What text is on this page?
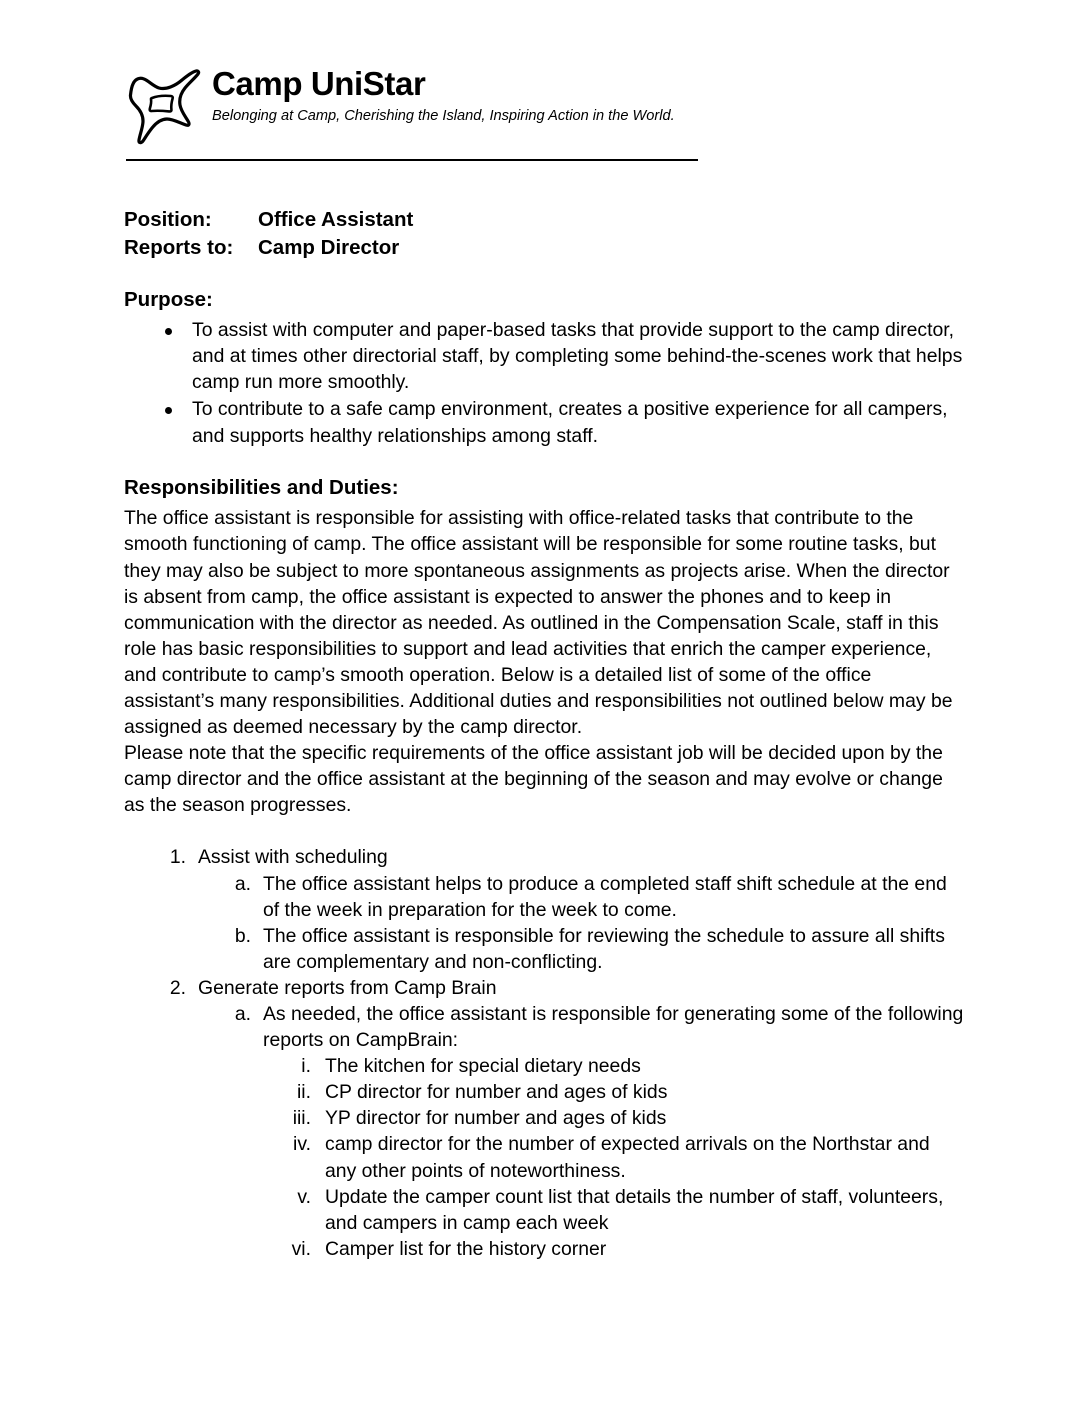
Camp UniStar
Belonging at Camp, Cherishing the Island, Inspiring Action in the World.
Position:	Office Assistant
Reports to:	Camp Director
Purpose:
To assist with computer and paper-based tasks that provide support to the camp director, and at times other directorial staff, by completing some behind-the-scenes work that helps camp run more smoothly.
To contribute to a safe camp environment, creates a positive experience for all campers, and supports healthy relationships among staff.
Responsibilities and Duties:

The office assistant is responsible for assisting with office-related tasks that contribute to the smooth functioning of camp. The office assistant will be responsible for some routine tasks, but they may also be subject to more spontaneous assignments as projects arise. When the director is absent from camp, the office assistant is expected to answer the phones and to keep in communication with the director as needed. As outlined in the Compensation Scale, staff in this role has basic responsibilities to support and lead activities that enrich the camper experience, and contribute to camp’s smooth operation. Below is a detailed list of some of the office assistant’s many responsibilities. Additional duties and responsibilities not outlined below may be assigned as deemed necessary by the camp director.

Please note that the specific requirements of the office assistant job will be decided upon by the camp director and the office assistant at the beginning of the season and may evolve or change as the season progresses.

1. Assist with scheduling
a. The office assistant helps to produce a completed staff shift schedule at the end of the week in preparation for the week to come.
b. The office assistant is responsible for reviewing the schedule to assure all shifts are complementary and non-conflicting.
2. Generate reports from Camp Brain
a. As needed, the office assistant is responsible for generating some of the following reports on CampBrain:
i. The kitchen for special dietary needs
ii. CP director for number and ages of kids
iii. YP director for number and ages of kids
iv. camp director for the number of expected arrivals on the Northstar and any other points of noteworthiness.
v. Update the camper count list that details the number of staff, volunteers, and campers in camp each week
vi. Camper list for the history corner
